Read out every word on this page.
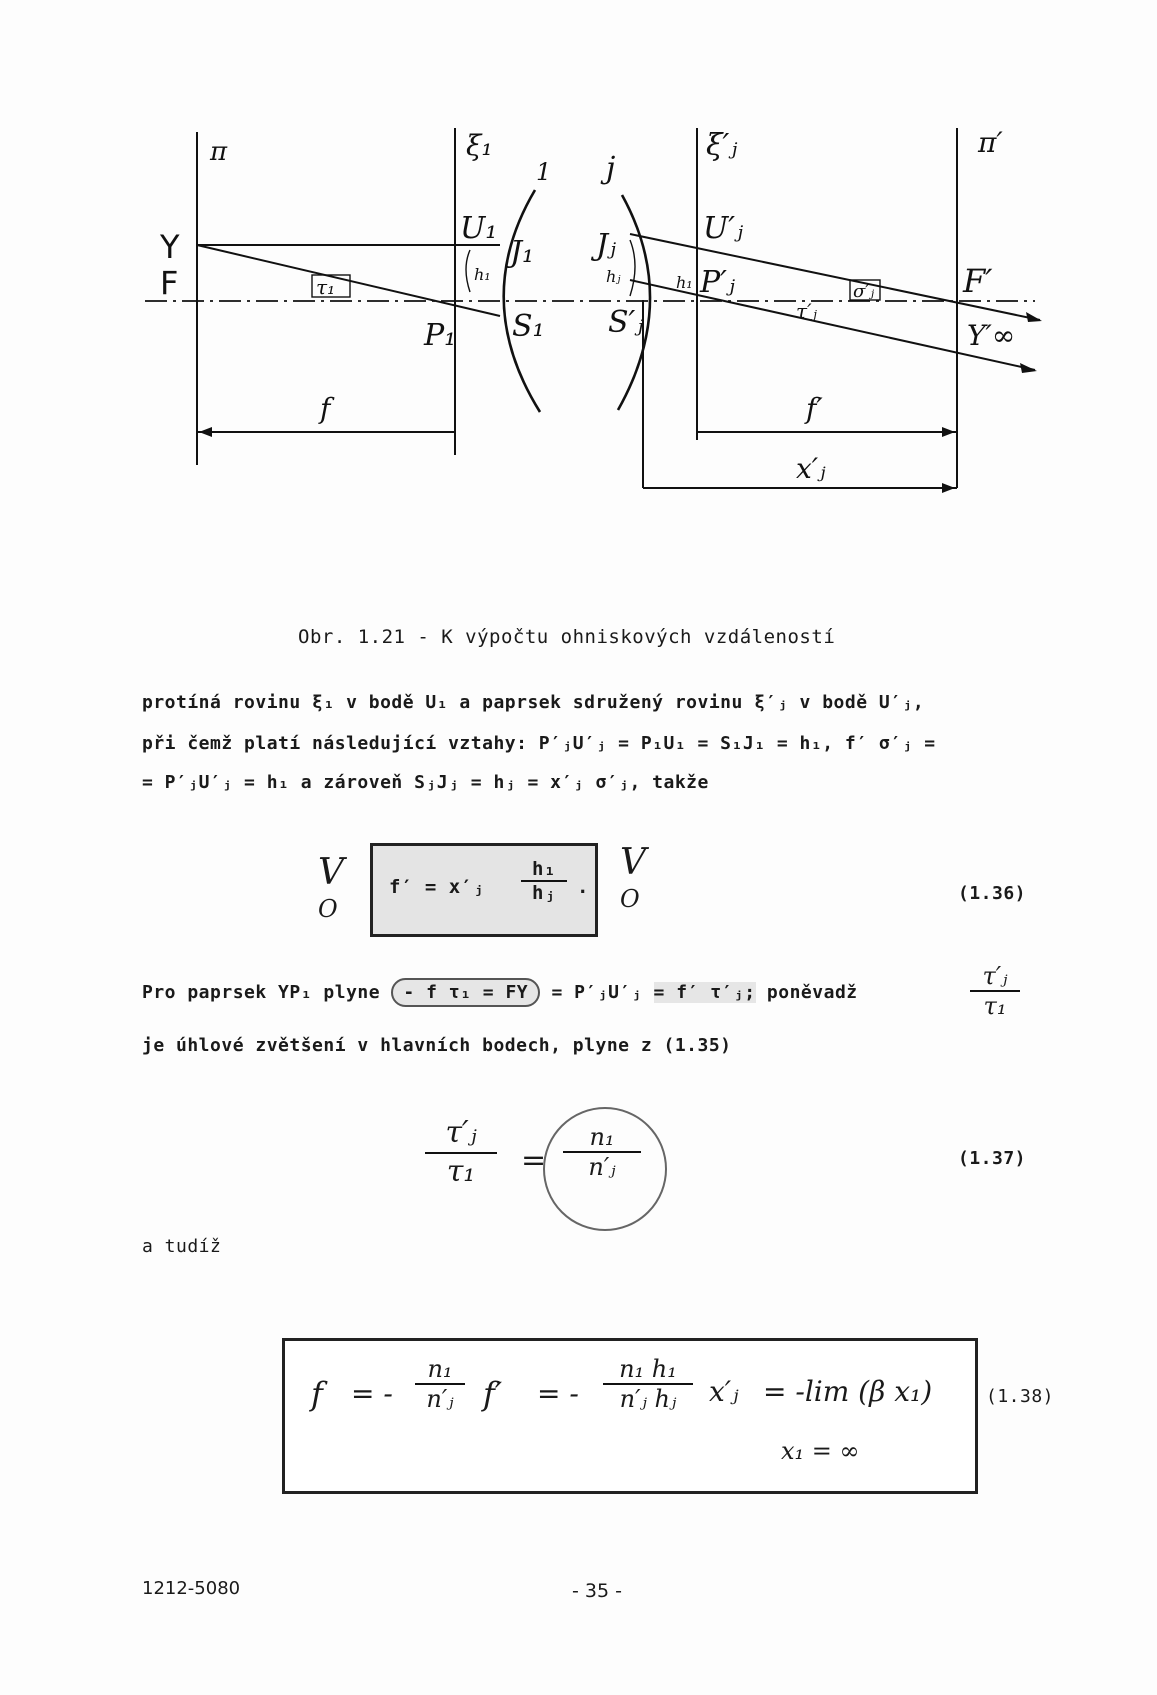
π	ξ₁	ξ′ⱼ	π′
Y
F
U₁
J₁
1 j
Jⱼ	U′ⱼ
P′ⱼ	F′
τ₁
h₁
P₁ S₁
hⱼ
S′ⱼ
h₁	σ′ⱼ
τ′ⱼ
Y′∞
f	f′
x′ⱼ
Obr. 1.21 - K výpočtu ohniskových vzdáleností
protíná rovinu ξ₁ v bodě U₁ a paprsek sdružený rovinu ξ′ⱼ v bodě U′ⱼ,
při čemž platí následující vztahy: P′ⱼU′ⱼ = P₁U₁ = S₁J₁ = h₁, f′ σ′ⱼ =
= P′ⱼU′ⱼ = h₁ a zároveň SⱼJⱼ = hⱼ = x′ⱼ σ′ⱼ, takže
V
O
f′ = x′ⱼ $\frac{\text{h₁}}{\text{hⱼ}}$ .
V
O	(1.36)
Pro paprsek YP₁ plyne - f τ₁ = FY = P′ⱼU′ⱼ = f′ τ′ⱼ; poněvadž	$\frac{\text{τ′ⱼ}}{\text{τ₁}}$
je úhlové zvětšení v hlavních bodech, plyne z (1.35)
$\frac{\text{τ′ⱼ}}{\text{τ₁}} = \frac{\text{n₁}}{\text{n′ⱼ}}$	(1.37)
a tudíž
f = -
n₁
n′ⱼ f′ = -
n₁ h₁
n′ⱼ hⱼ	x′ⱼ = -lim (β x₁)
x₁ = ∞
(1.38)
1212-5080	- 35 -
